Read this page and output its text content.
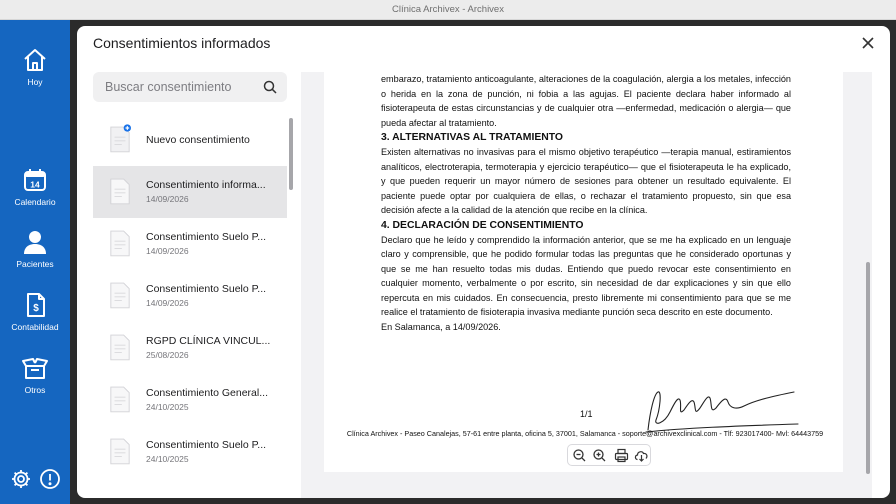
Clínica Archivex - Archivex
Hoy
14
Calendario
Pacientes
$
Contabilidad
Otros
Consentimientos informados
Buscar consentimiento
Nuevo consentimiento
Consentimiento informa...
14/09/2026
Consentimiento Suelo P...
14/09/2026
Consentimiento Suelo P...
14/09/2026
RGPD CLÍNICA VINCUL...
25/08/2026
Consentimiento General...
24/10/2025
Consentimiento Suelo P...
24/10/2025

embarazo, tratamiento anticoagulante, alteraciones de la coagulación, alergia a los metales, infección o herida en la zona de punción, ni fobia a las agujas. El paciente declara haber informado al fisioterapeuta de estas circunstancias y de cualquier otra —enfermedad, medicación o alergia— que pueda afectar al tratamiento.

3. ALTERNATIVAS AL TRATAMIENTO

Existen alternativas no invasivas para el mismo objetivo terapéutico —terapia manual, estiramientos analíticos, electroterapia, termoterapia y ejercicio terapéutico— que el fisioterapeuta le ha explicado, y que pueden requerir un mayor número de sesiones para obtener un resultado equivalente. El paciente puede optar por cualquiera de ellas, o rechazar el tratamiento propuesto, sin que esa decisión afecte a la calidad de la atención que recibe en la clínica.

4. DECLARACIÓN DE CONSENTIMIENTO

Declaro que he leído y comprendido la información anterior, que se me ha explicado en un lenguaje claro y comprensible, que he podido formular todas las preguntas que he considerado oportunas y que se me han resuelto todas mis dudas. Entiendo que puedo revocar este consentimiento en cualquier momento, verbalmente o por escrito, sin necesidad de dar explicaciones y sin que ello repercuta en mis cuidados. En consecuencia, presto libremente mi consentimiento para que se me realice el tratamiento de fisioterapia invasiva mediante punción seca descrito en este documento.

En Salamanca, a 14/09/2026.

1/1
Clínica Archivex - Paseo Canalejas, 57-61 entre planta, oficina 5, 37001, Salamanca - soporte@archivexclinical.com - Tlf: 923017400- Mvl: 64443759
